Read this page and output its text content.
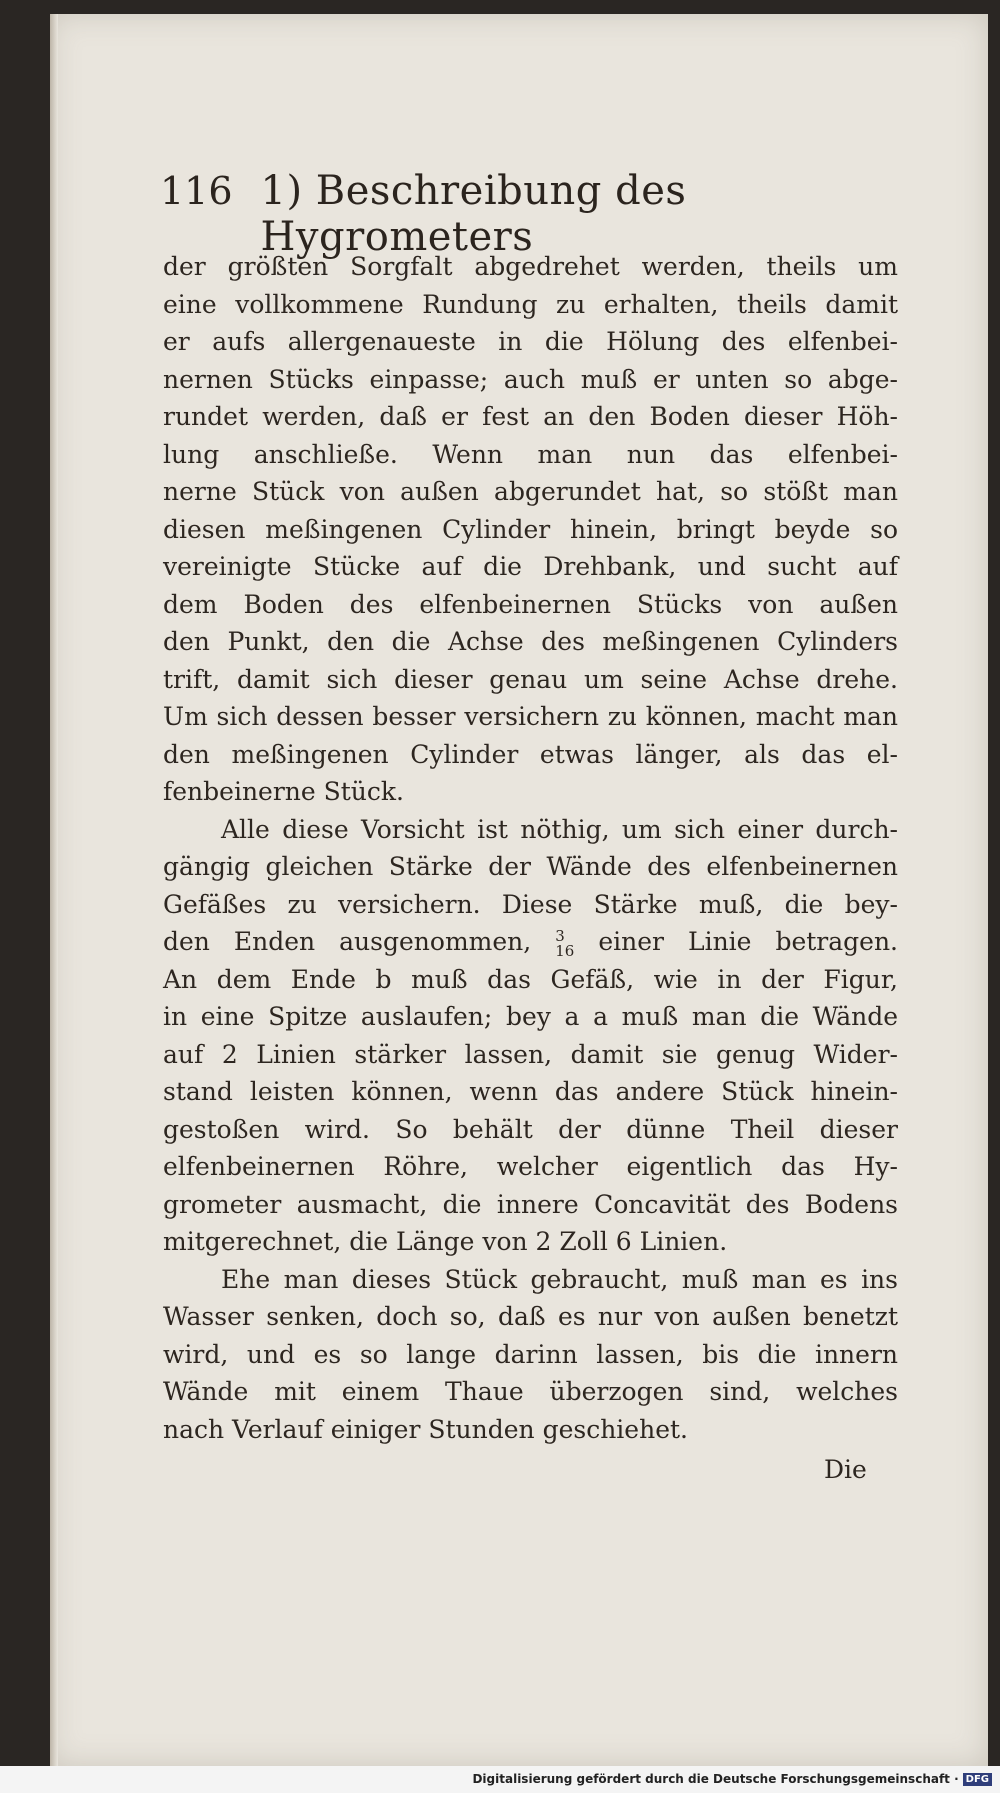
116 1) Beschreibung des Hygrometers
der größten Sorgfalt abgedrehet werden, theils um
eine vollkommene Rundung zu erhalten, theils damit
er aufs allergenaueste in die Hölung des elfenbei-
nernen Stücks einpasse; auch muß er unten so abge-
rundet werden, daß er fest an den Boden dieser Höh-
lung anschließe. Wenn man nun das elfenbei-
nerne Stück von außen abgerundet hat, so stößt man
diesen meßingenen Cylinder hinein, bringt beyde so
vereinigte Stücke auf die Drehbank, und sucht auf
dem Boden des elfenbeinernen Stücks von außen
den Punkt, den die Achse des meßingenen Cylinders
trift, damit sich dieser genau um seine Achse drehe.
Um sich dessen besser versichern zu können, macht man
den meßingenen Cylinder etwas länger, als das el-
fenbeinerne Stück.
Alle diese Vorsicht ist nöthig, um sich einer durch-
gängig gleichen Stärke der Wände des elfenbeinernen
Gefäßes zu versichern. Diese Stärke muß, die bey-
den Enden ausgenommen, 3
16 einer Linie betragen.
An dem Ende b muß das Gefäß, wie in der Figur,
in eine Spitze auslaufen; bey a a muß man die Wände
auf 2 Linien stärker lassen, damit sie genug Wider-
stand leisten können, wenn das andere Stück hinein-
gestoßen wird. So behält der dünne Theil dieser
elfenbeinernen Röhre, welcher eigentlich das Hy-
grometer ausmacht, die innere Concavität des Bodens
mitgerechnet, die Länge von 2 Zoll 6 Linien.
Ehe man dieses Stück gebraucht, muß man es ins
Wasser senken, doch so, daß es nur von außen benetzt
wird, und es so lange darinn lassen, bis die innern
Wände mit einem Thaue überzogen sind, welches
nach Verlauf einiger Stunden geschiehet.
Die
Digitalisierung gefördert durch die Deutsche Forschungsgemeinschaft · DFG
